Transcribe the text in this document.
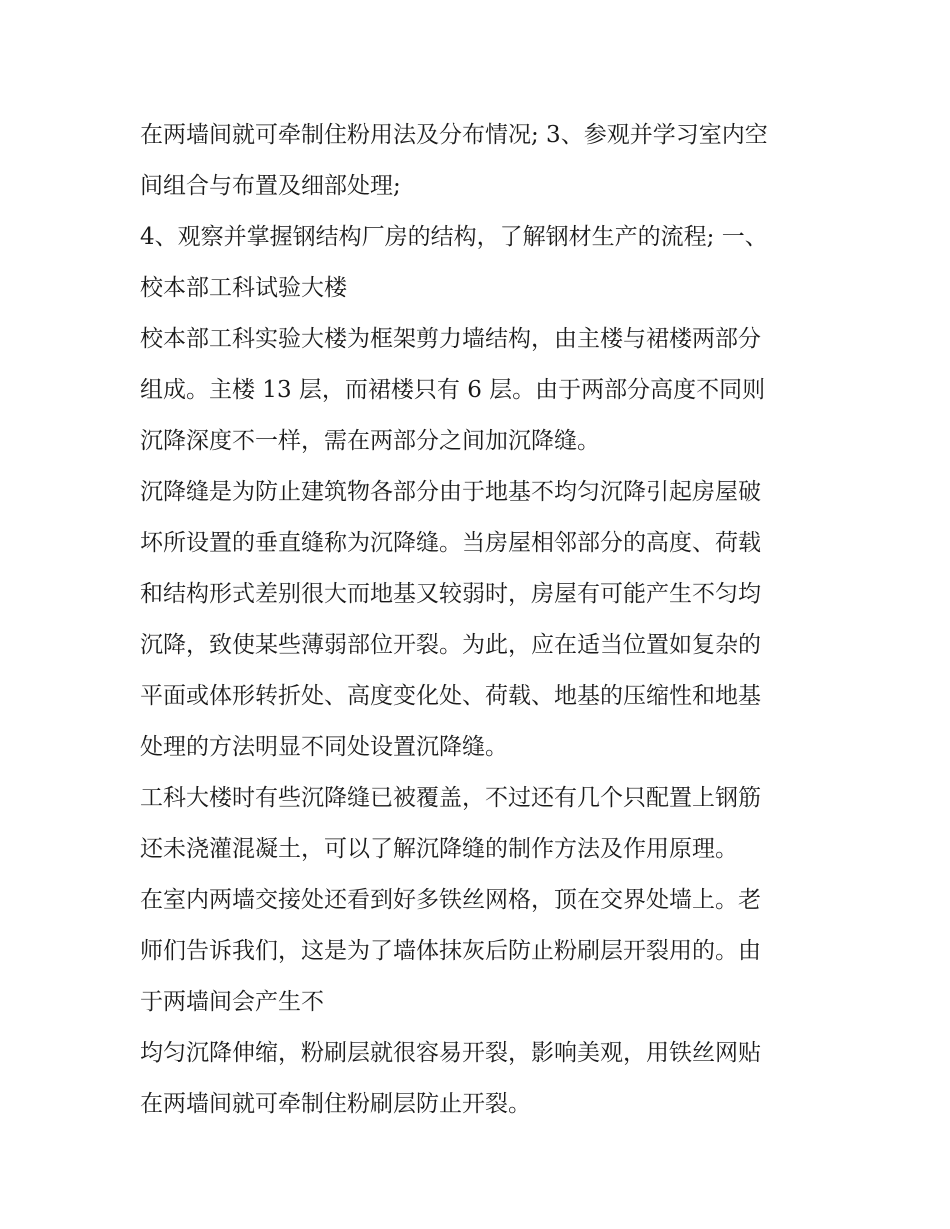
在两墙间就可牵制住粉用法及分布情况; 3、参观并学习室内空
间组合与布置及细部处理;
4、观察并掌握钢结构厂房的结构，了解钢材生产的流程; 一、
校本部工科试验大楼
校本部工科实验大楼为框架剪力墙结构，由主楼与裙楼两部分
组成。主楼 13 层，而裙楼只有 6 层。由于两部分高度不同则
沉降深度不一样，需在两部分之间加沉降缝。
沉降缝是为防止建筑物各部分由于地基不均匀沉降引起房屋破
坏所设置的垂直缝称为沉降缝。当房屋相邻部分的高度、荷载
和结构形式差别很大而地基又较弱时，房屋有可能产生不匀均
沉降，致使某些薄弱部位开裂。为此，应在适当位置如复杂的
平面或体形转折处、高度变化处、荷载、地基的压缩性和地基
处理的方法明显不同处设置沉降缝。
工科大楼时有些沉降缝已被覆盖，不过还有几个只配置上钢筋
还未浇灌混凝土，可以了解沉降缝的制作方法及作用原理。
在室内两墙交接处还看到好多铁丝网格，顶在交界处墙上。老
师们告诉我们，这是为了墙体抹灰后防止粉刷层开裂用的。由
于两墙间会产生不
均匀沉降伸缩，粉刷层就很容易开裂，影响美观，用铁丝网贴
在两墙间就可牵制住粉刷层防止开裂。
